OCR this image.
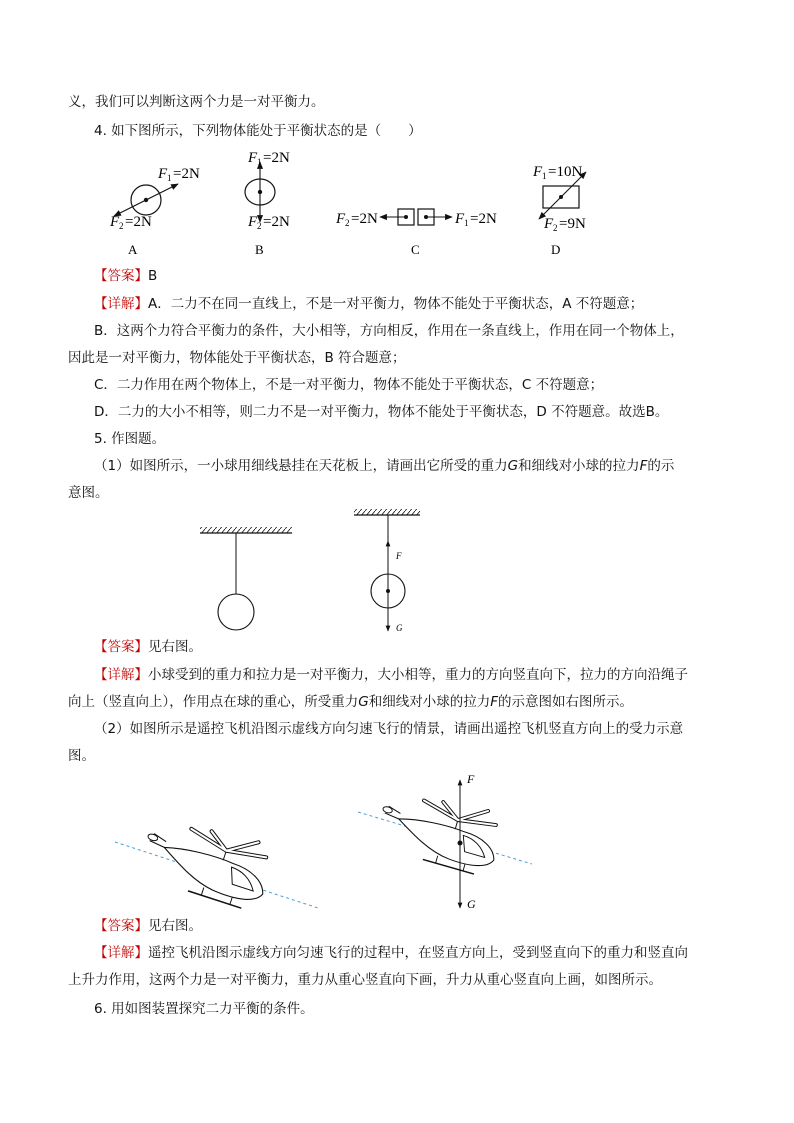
义，我们可以判断这两个力是一对平衡力。
4. 如下图所示，下列物体能处于平衡状态的是（　　）
F 1 =2N
F 2 =2N
A
F 1 =2N
F 2 =2N
B
F 2 =2N	F 1 =2N
C
F 1 =10N
F 2 =9N
D
【答案】B
【详解】A．二力不在同一直线上，不是一对平衡力，物体不能处于平衡状态，A 不符题意；
B．这两个力符合平衡力的条件，大小相等，方向相反，作用在一条直线上，作用在同一个物体上，
因此是一对平衡力，物体能处于平衡状态，B 符合题意；
C．二力作用在两个物体上，不是一对平衡力，物体不能处于平衡状态，C 不符题意；
D．二力的大小不相等，则二力不是一对平衡力，物体不能处于平衡状态，D 不符题意。故选B。
5. 作图题。
（1）如图所示，一小球用细线悬挂在天花板上，请画出它所受的重力G和细线对小球的拉力F的示
意图。
F
G
【答案】见右图。
【详解】小球受到的重力和拉力是一对平衡力，大小相等，重力的方向竖直向下，拉力的方向沿绳子
向上（竖直向上），作用点在球的重心，所受重力G和细线对小球的拉力F的示意图如右图所示。
（2）如图所示是遥控飞机沿图示虚线方向匀速飞行的情景，请画出遥控飞机竖直方向上的受力示意
图。
F
G
【答案】见右图。
【详解】遥控飞机沿图示虚线方向匀速飞行的过程中，在竖直方向上，受到竖直向下的重力和竖直向
上升力作用，这两个力是一对平衡力，重力从重心竖直向下画，升力从重心竖直向上画，如图所示。
6. 用如图装置探究二力平衡的条件。
